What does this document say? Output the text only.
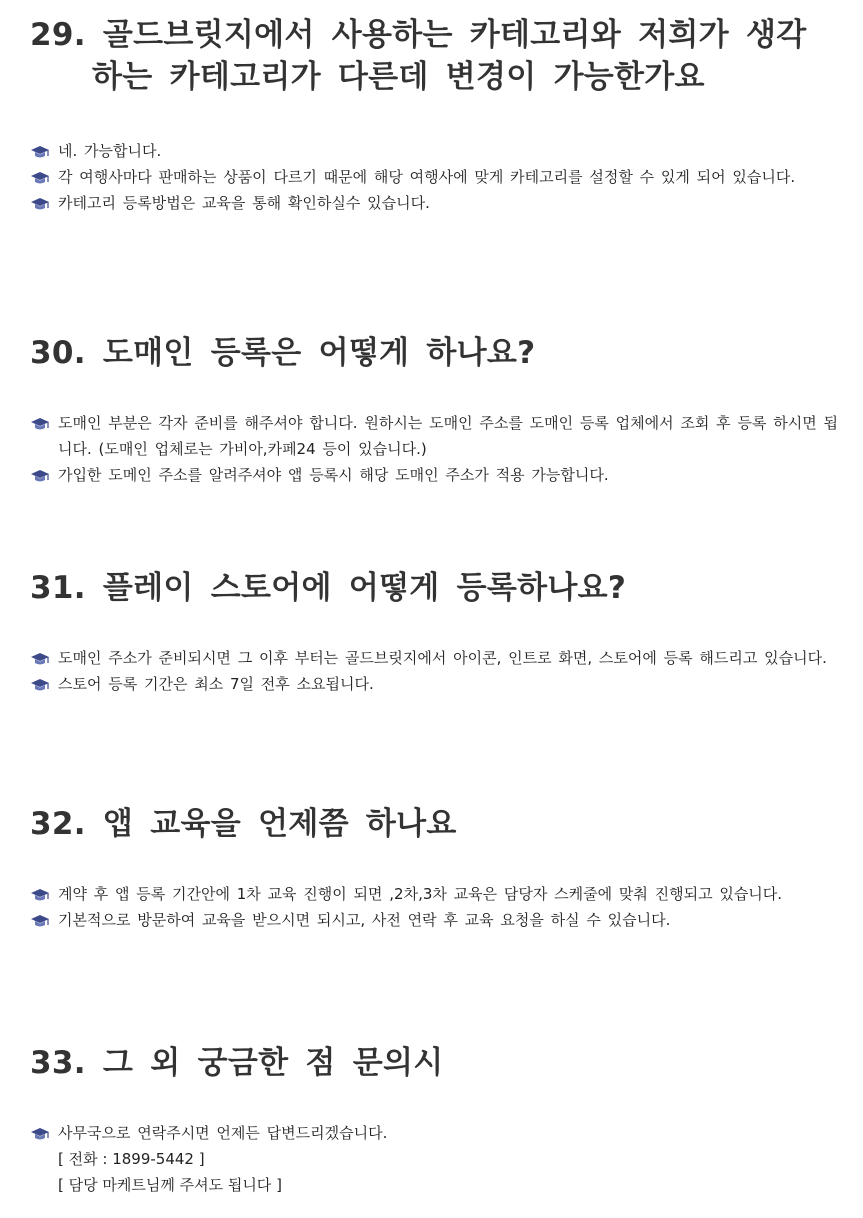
29. 골드브릿지에서 사용하는 카테고리와 저희가 생각
하는 카테고리가 다른데 변경이 가능한가요
네. 가능합니다.
각 여행사마다 판매하는 상품이 다르기 때문에 해당 여행사에 맞게 카테고리를 설정할 수 있게 되어 있습니다.
카테고리 등록방법은 교육을 통해 확인하실수 있습니다.
30. 도매인 등록은 어떻게 하나요?
도매인 부분은 각자 준비를 해주셔야 합니다. 원하시는 도매인 주소를 도매인 등록 업체에서 조회 후 등록 하시면 됩니다. (도매인 업체로는 가비아,카페24 등이 있습니다.)
가입한 도메인 주소를 알려주셔야 앱 등록시 해당 도매인 주소가 적용 가능합니다.
31. 플레이 스토어에 어떻게 등록하나요?
도매인 주소가 준비되시면 그 이후 부터는 골드브릿지에서 아이콘, 인트로 화면, 스토어에 등록 해드리고 있습니다.
스토어 등록 기간은 최소 7일 전후 소요됩니다.
32. 앱 교육을 언제쯤 하나요
계약 후 앱 등록 기간안에 1차 교육 진행이 되면 ,2차,3차 교육은 담당자 스케줄에 맞춰 진행되고 있습니다.
기본적으로 방문하여 교육을 받으시면 되시고, 사전 연락 후 교육 요청을 하실 수 있습니다.
33. 그 외 궁금한 점 문의시
사무국으로 연락주시면 언제든 답변드리겠습니다.
[ 전화 : 1899-5442 ]
[ 담당 마케트님께 주셔도 됩니다 ]
